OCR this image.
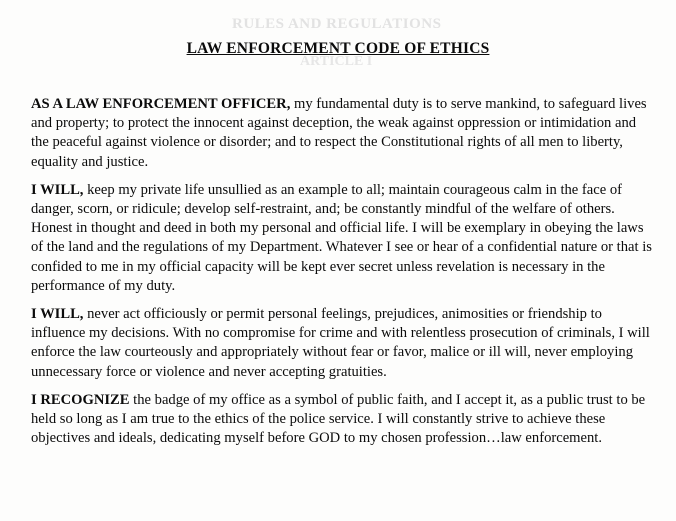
RULES AND REGULATIONS
ARTICLE I
LAW ENFORCEMENT CODE OF ETHICS

AS A LAW ENFORCEMENT OFFICER, my fundamental duty is to serve mankind, to safeguard lives and property; to protect the innocent against deception, the weak against oppression or intimidation and the peaceful against violence or disorder; and to respect the Constitutional rights of all men to liberty, equality and justice.

I WILL, keep my private life unsullied as an example to all; maintain courageous calm in the face of danger, scorn, or ridicule; develop self-restraint, and; be constantly mindful of the welfare of others. Honest in thought and deed in both my personal and official life. I will be exemplary in obeying the laws of the land and the regulations of my Department. Whatever I see or hear of a confidential nature or that is confided to me in my official capacity will be kept ever secret unless revelation is necessary in the performance of my duty.

I WILL, never act officiously or permit personal feelings, prejudices, animosities or friendship to influence my decisions. With no compromise for crime and with relentless prosecution of criminals, I will enforce the law courteously and appropriately without fear or favor, malice or ill will, never employing unnecessary force or violence and never accepting gratuities.

I RECOGNIZE the badge of my office as a symbol of public faith, and I accept it, as a public trust to be held so long as I am true to the ethics of the police service. I will constantly strive to achieve these objectives and ideals, dedicating myself before GOD to my chosen profession…law enforcement.
